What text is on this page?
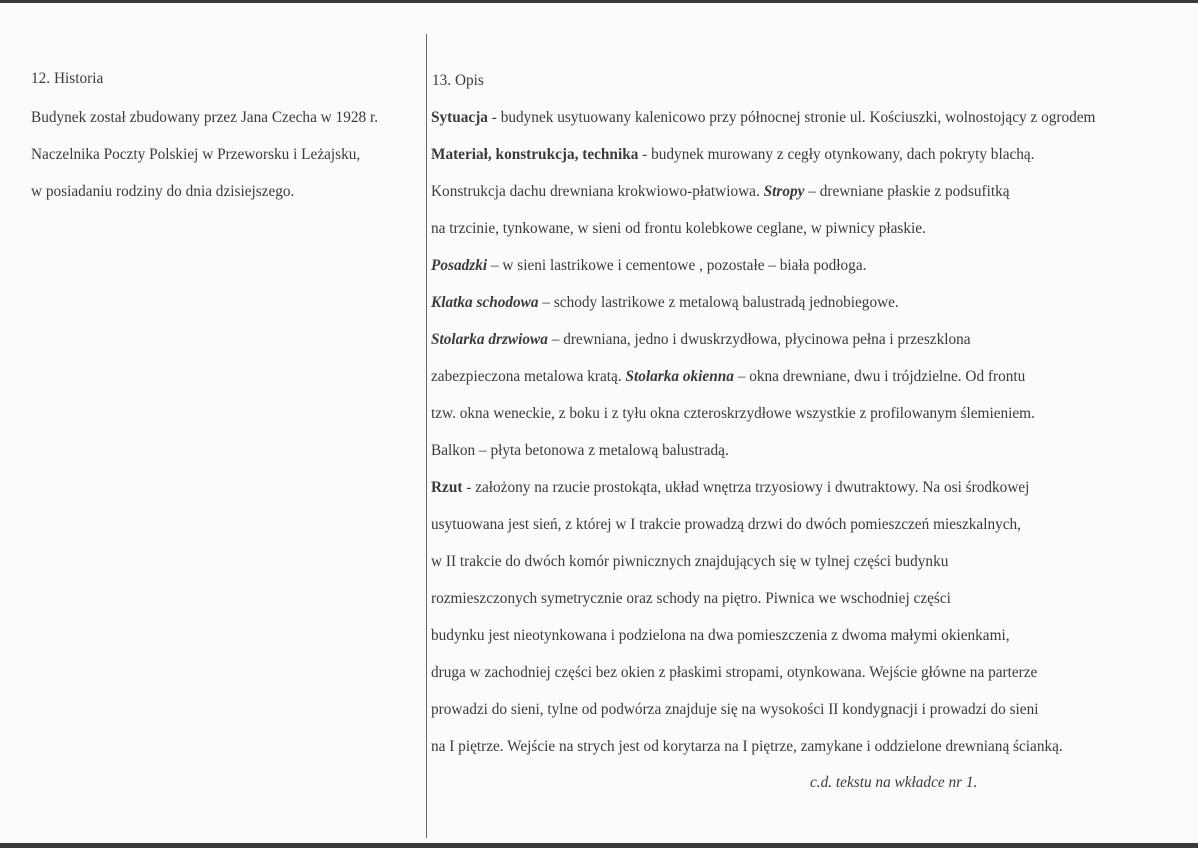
12. Historia
Budynek został zbudowany przez Jana Czecha w 1928 r.
Naczelnika Poczty Polskiej w Przeworsku i Leżajsku,
w posiadaniu rodziny do dnia dzisiejszego.
13. Opis
Sytuacja - budynek usytuowany kalenicowo przy północnej stronie ul. Kościuszki, wolnostojący z ogrodem
Materiał, konstrukcja, technika - budynek murowany z cegły otynkowany, dach pokryty blachą.
Konstrukcja dachu drewniana krokwiowo-płatwiowa. Stropy – drewniane płaskie z podsufitką
na trzcinie, tynkowane, w sieni od frontu kolebkowe ceglane, w piwnicy płaskie.
Posadzki – w sieni lastrikowe i cementowe , pozostałe – biała podłoga.
Klatka schodowa – schody lastrikowe z metalową balustradą jednobiegowe.
Stolarka drzwiowa – drewniana, jedno i dwuskrzydłowa, płycinowa pełna i przeszklona
zabezpieczona metalowa kratą. Stolarka okienna – okna drewniane, dwu i trójdzielne. Od frontu
tzw. okna weneckie, z boku i z tyłu okna czteroskrzydłowe wszystkie z profilowanym ślemieniem.
Balkon – płyta betonowa z metalową balustradą.
Rzut - założony na rzucie prostokąta, układ wnętrza trzyosiowy i dwutraktowy. Na osi środkowej
usytuowana jest sień, z której w I trakcie prowadzą drzwi do dwóch pomieszczeń mieszkalnych,
w II trakcie do dwóch komór piwnicznych znajdujących się w tylnej części budynku
rozmieszczonych symetrycznie oraz schody na piętro. Piwnica we wschodniej części
budynku jest nieotynkowana i podzielona na dwa pomieszczenia z dwoma małymi okienkami,
druga w zachodniej części bez okien z płaskimi stropami, otynkowana. Wejście główne na parterze
prowadzi do sieni, tylne od podwórza znajduje się na wysokości II kondygnacji i prowadzi do sieni
na I piętrze. Wejście na strych jest od korytarza na I piętrze, zamykane i oddzielone drewnianą ścianką.
c.d. tekstu na wkładce nr 1.
